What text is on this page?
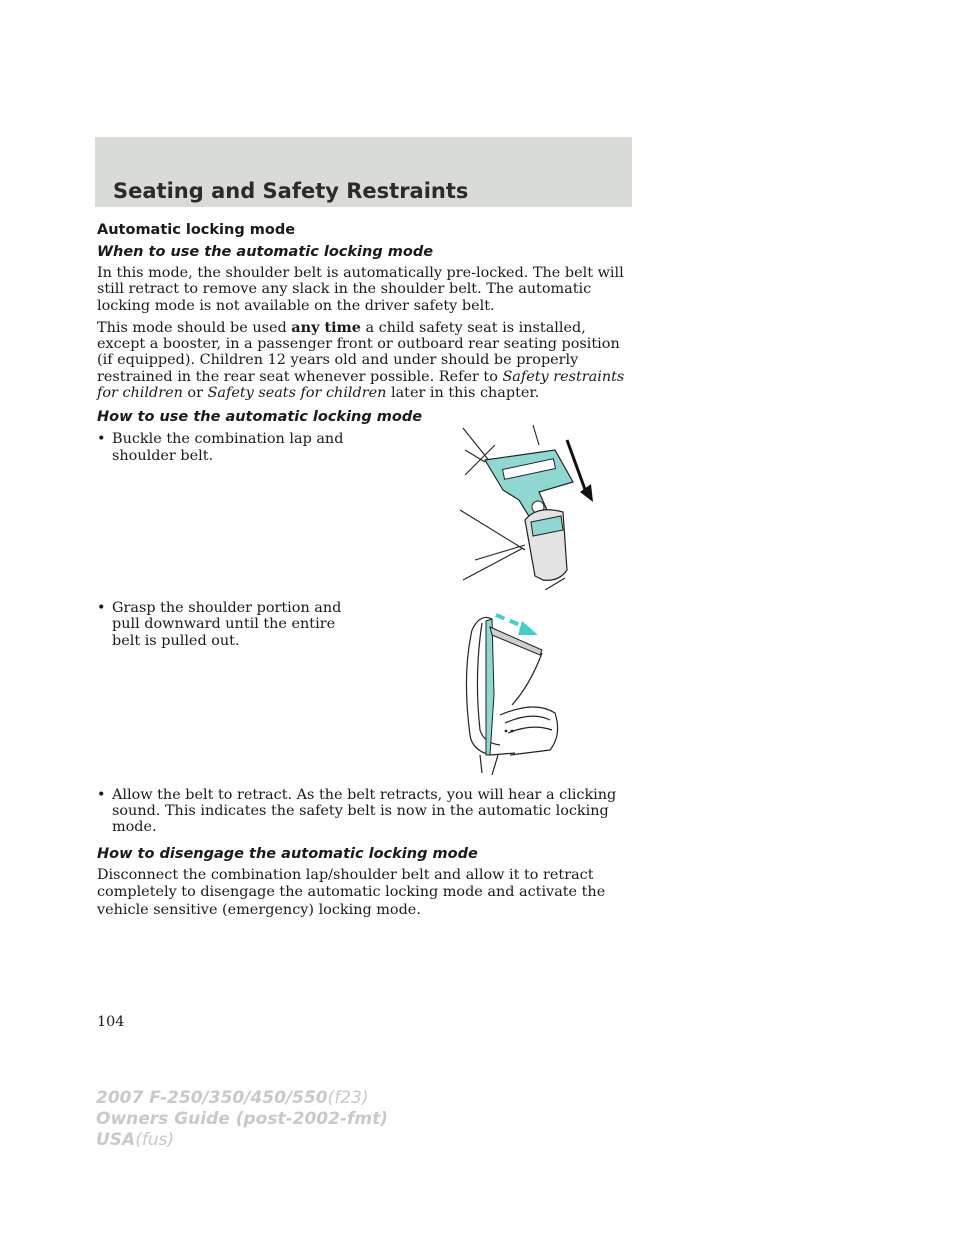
Seating and Safety Restraints
Automatic locking mode
When to use the automatic locking mode

In this mode, the shoulder belt is automatically pre-locked. The belt will still retract to remove any slack in the shoulder belt. The automatic locking mode is not available on the driver safety belt.

This mode should be used any time a child safety seat is installed, except a booster, in a passenger front or outboard rear seating position (if equipped). Children 12 years old and under should be properly restrained in the rear seat whenever possible. Refer to Safety restraints for children or Safety seats for children later in this chapter.

How to use the automatic locking mode
• Buckle the combination lap and shoulder belt.
• Grasp the shoulder portion and pull downward until the entire belt is pulled out.
• Allow the belt to retract. As the belt retracts, you will hear a clicking sound. This indicates the safety belt is now in the automatic locking mode.
How to disengage the automatic locking mode

Disconnect the combination lap/shoulder belt and allow it to retract completely to disengage the automatic locking mode and activate the vehicle sensitive (emergency) locking mode.

104
2007 F-250/350/450/550(f23)
Owners Guide (post-2002-fmt)
USA(fus)
